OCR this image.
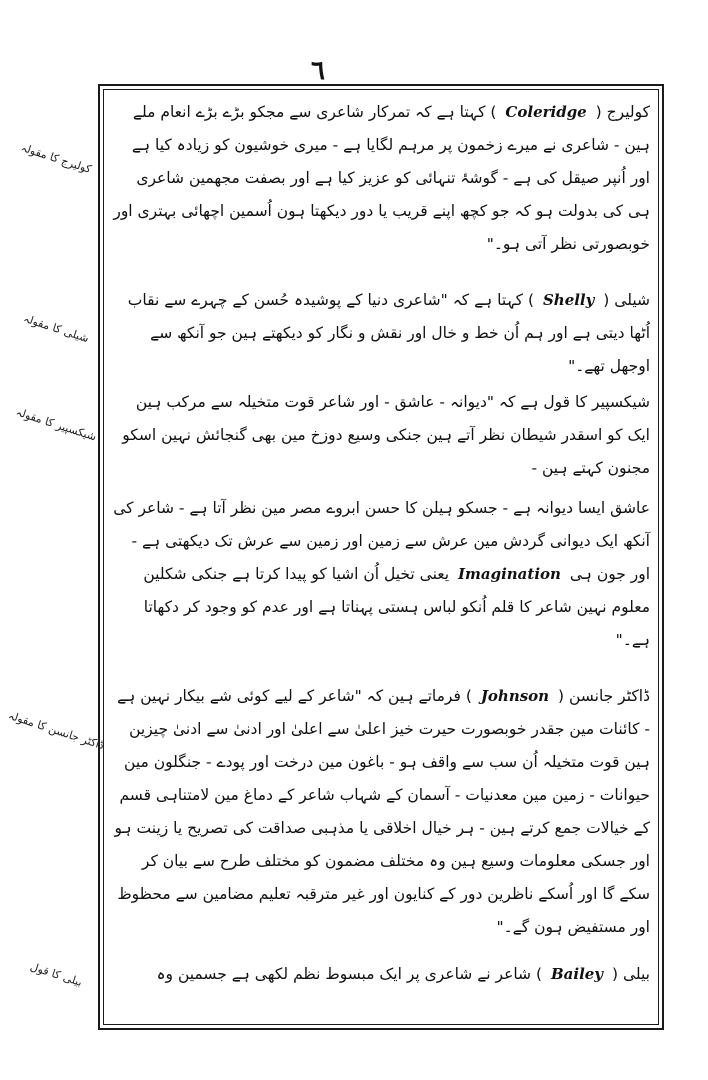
٦
کولیرج کا مقولہ
شیلی کا مقولہ
شیکسپیر کا مقولہ
ڈاکٹر جانسن کا مقولہ
بیلی کا قول

کولیرج ( Coleridge ) کہتا ہے کہ تمرکار شاعری سے مجکو بڑے بڑے انعام ملے ہین - شاعری نے میرے زخمون پر مرہم لگایا ہے - میری خوشیون کو زیادہ کیا ہے اور اُنپر صیقل کی ہے - گوشۂ تنہائی کو عزیز کیا ہے اور بصفت مجھمین شاعری ہی کی بدولت ہو کہ جو کچھ اپنے قریب یا دور دیکھتا ہون اُسمین اچھائی بہتری اور خوبصورتی نظر آتی ہو۔"

شیلی ( Shelly ) کہتا ہے کہ "شاعری دنیا کے پوشیدہ حُسن کے چہرے سے نقاب اُٹھا دیتی ہے اور ہم اُن خط و خال اور نقش و نگار کو دیکھتے ہین جو آنکھ سے اوجھل تھے۔"

شیکسپیر کا قول ہے کہ "دیوانہ - عاشق - اور شاعر قوت متخیلہ سے مرکب ہین ایک کو اسقدر شیطان نظر آتے ہین جنکی وسیع دوزخ مین بھی گنجائش نہین اسکو مجنون کہتے ہین -

عاشق ایسا دیوانہ ہے - جسکو ہیلن کا حسن ابروے مصر مین نظر آتا ہے - شاعر کی آنکھ ایک دیوانی گردش مین عرش سے زمین اور زمین سے عرش تک دیکھتی ہے - اور جون ہی Imagination یعنی تخیل اُن اشیا کو پیدا کرتا ہے جنکی شکلین معلوم نہین شاعر کا قلم اُنکو لباس ہستی پہناتا ہے اور عدم کو وجود کر دکھاتا ہے۔"

ڈاکٹر جانسن ( Johnson ) فرماتے ہین کہ "شاعر کے لیے کوئی شے بیکار نہین ہے - کائنات مین جقدر خوبصورت حیرت خیز اعلیٰ سے اعلیٰ اور ادنیٰ سے ادنیٰ چیزین ہین قوت متخیلہ اُن سب سے واقف ہو - باغون مین درخت اور پودے - جنگلون مین حیوانات - زمین مین معدنیات - آسمان کے شہاب شاعر کے دماغ مین لامتناہی قسم کے خیالات جمع کرتے ہین - ہر خیال اخلاقی یا مذہبی صداقت کی تصریح یا زینت ہو اور جسکی معلومات وسیع ہین وہ مختلف مضمون کو مختلف طرح سے بیان کر سکے گا اور اُسکے ناظرین دور کے کنایون اور غیر مترقبہ تعلیم مضامین سے محظوظ اور مستفیض ہون گے۔"

بیلی ( Bailey ) شاعر نے شاعری پر ایک مبسوط نظم لکھی ہے جسمین وہ
